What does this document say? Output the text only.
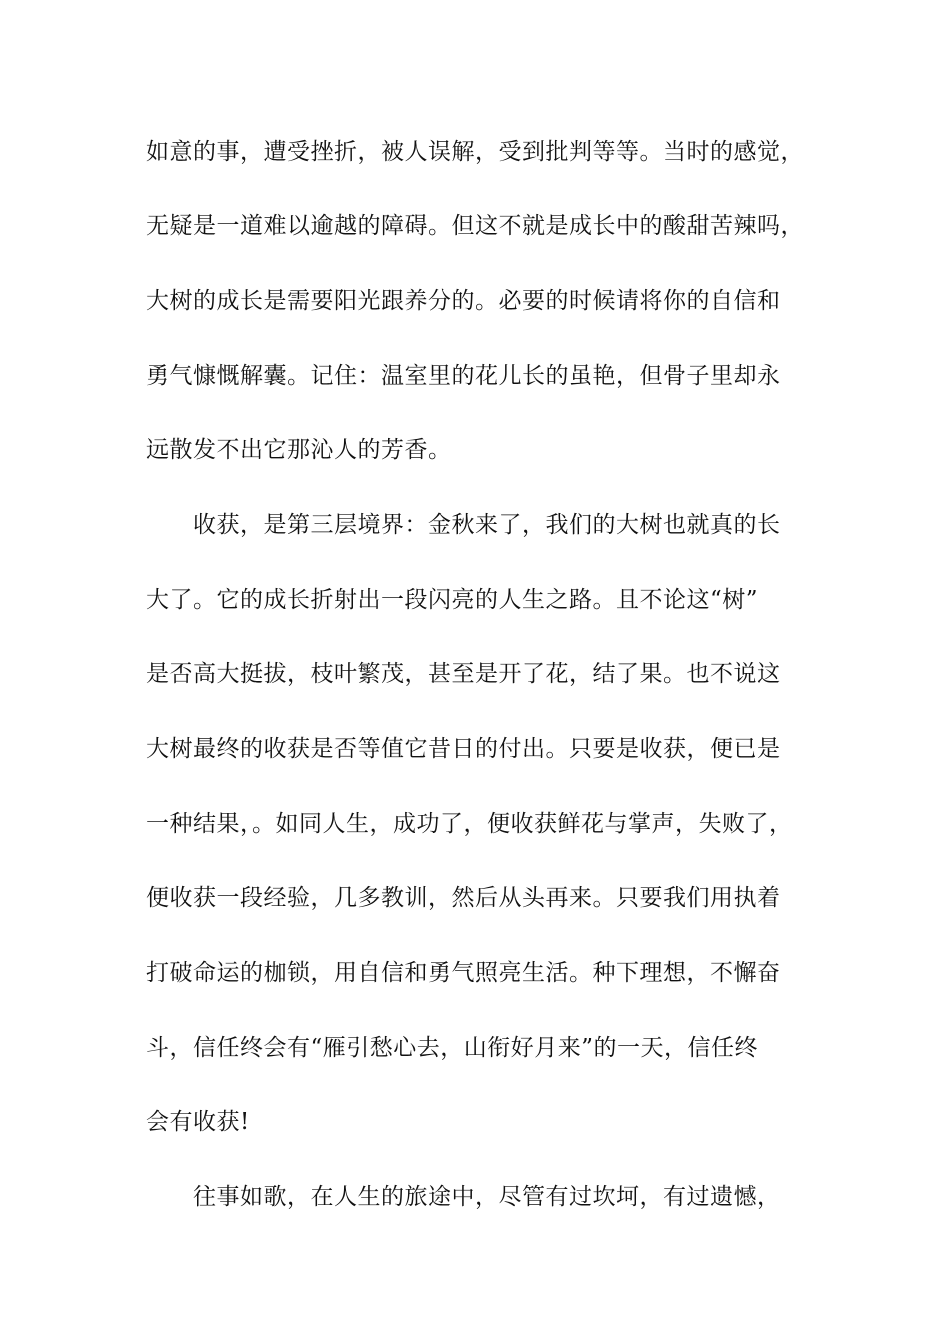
如意的事，遭受挫折，被人误解，受到批判等等。当时的感觉，
无疑是一道难以逾越的障碍。但这不就是成长中的酸甜苦辣吗，
大树的成长是需要阳光跟养分的。必要的时候请将你的自信和
勇气慷慨解囊。记住：温室里的花儿长的虽艳，但骨子里却永
远散发不出它那沁人的芳香。
收获，是第三层境界：金秋来了，我们的大树也就真的长
大了。它的成长折射出一段闪亮的人生之路。且不论这“树”
是否高大挺拔，枝叶繁茂，甚至是开了花，结了果。也不说这
大树最终的收获是否等值它昔日的付出。只要是收获，便已是
一种结果，。如同人生，成功了，便收获鲜花与掌声，失败了，
便收获一段经验，几多教训，然后从头再来。只要我们用执着
打破命运的枷锁，用自信和勇气照亮生活。种下理想，不懈奋
斗，信任终会有“雁引愁心去，山衔好月来”的一天，信任终
会有收获!
往事如歌，在人生的旅途中，尽管有过坎坷，有过遗憾，
